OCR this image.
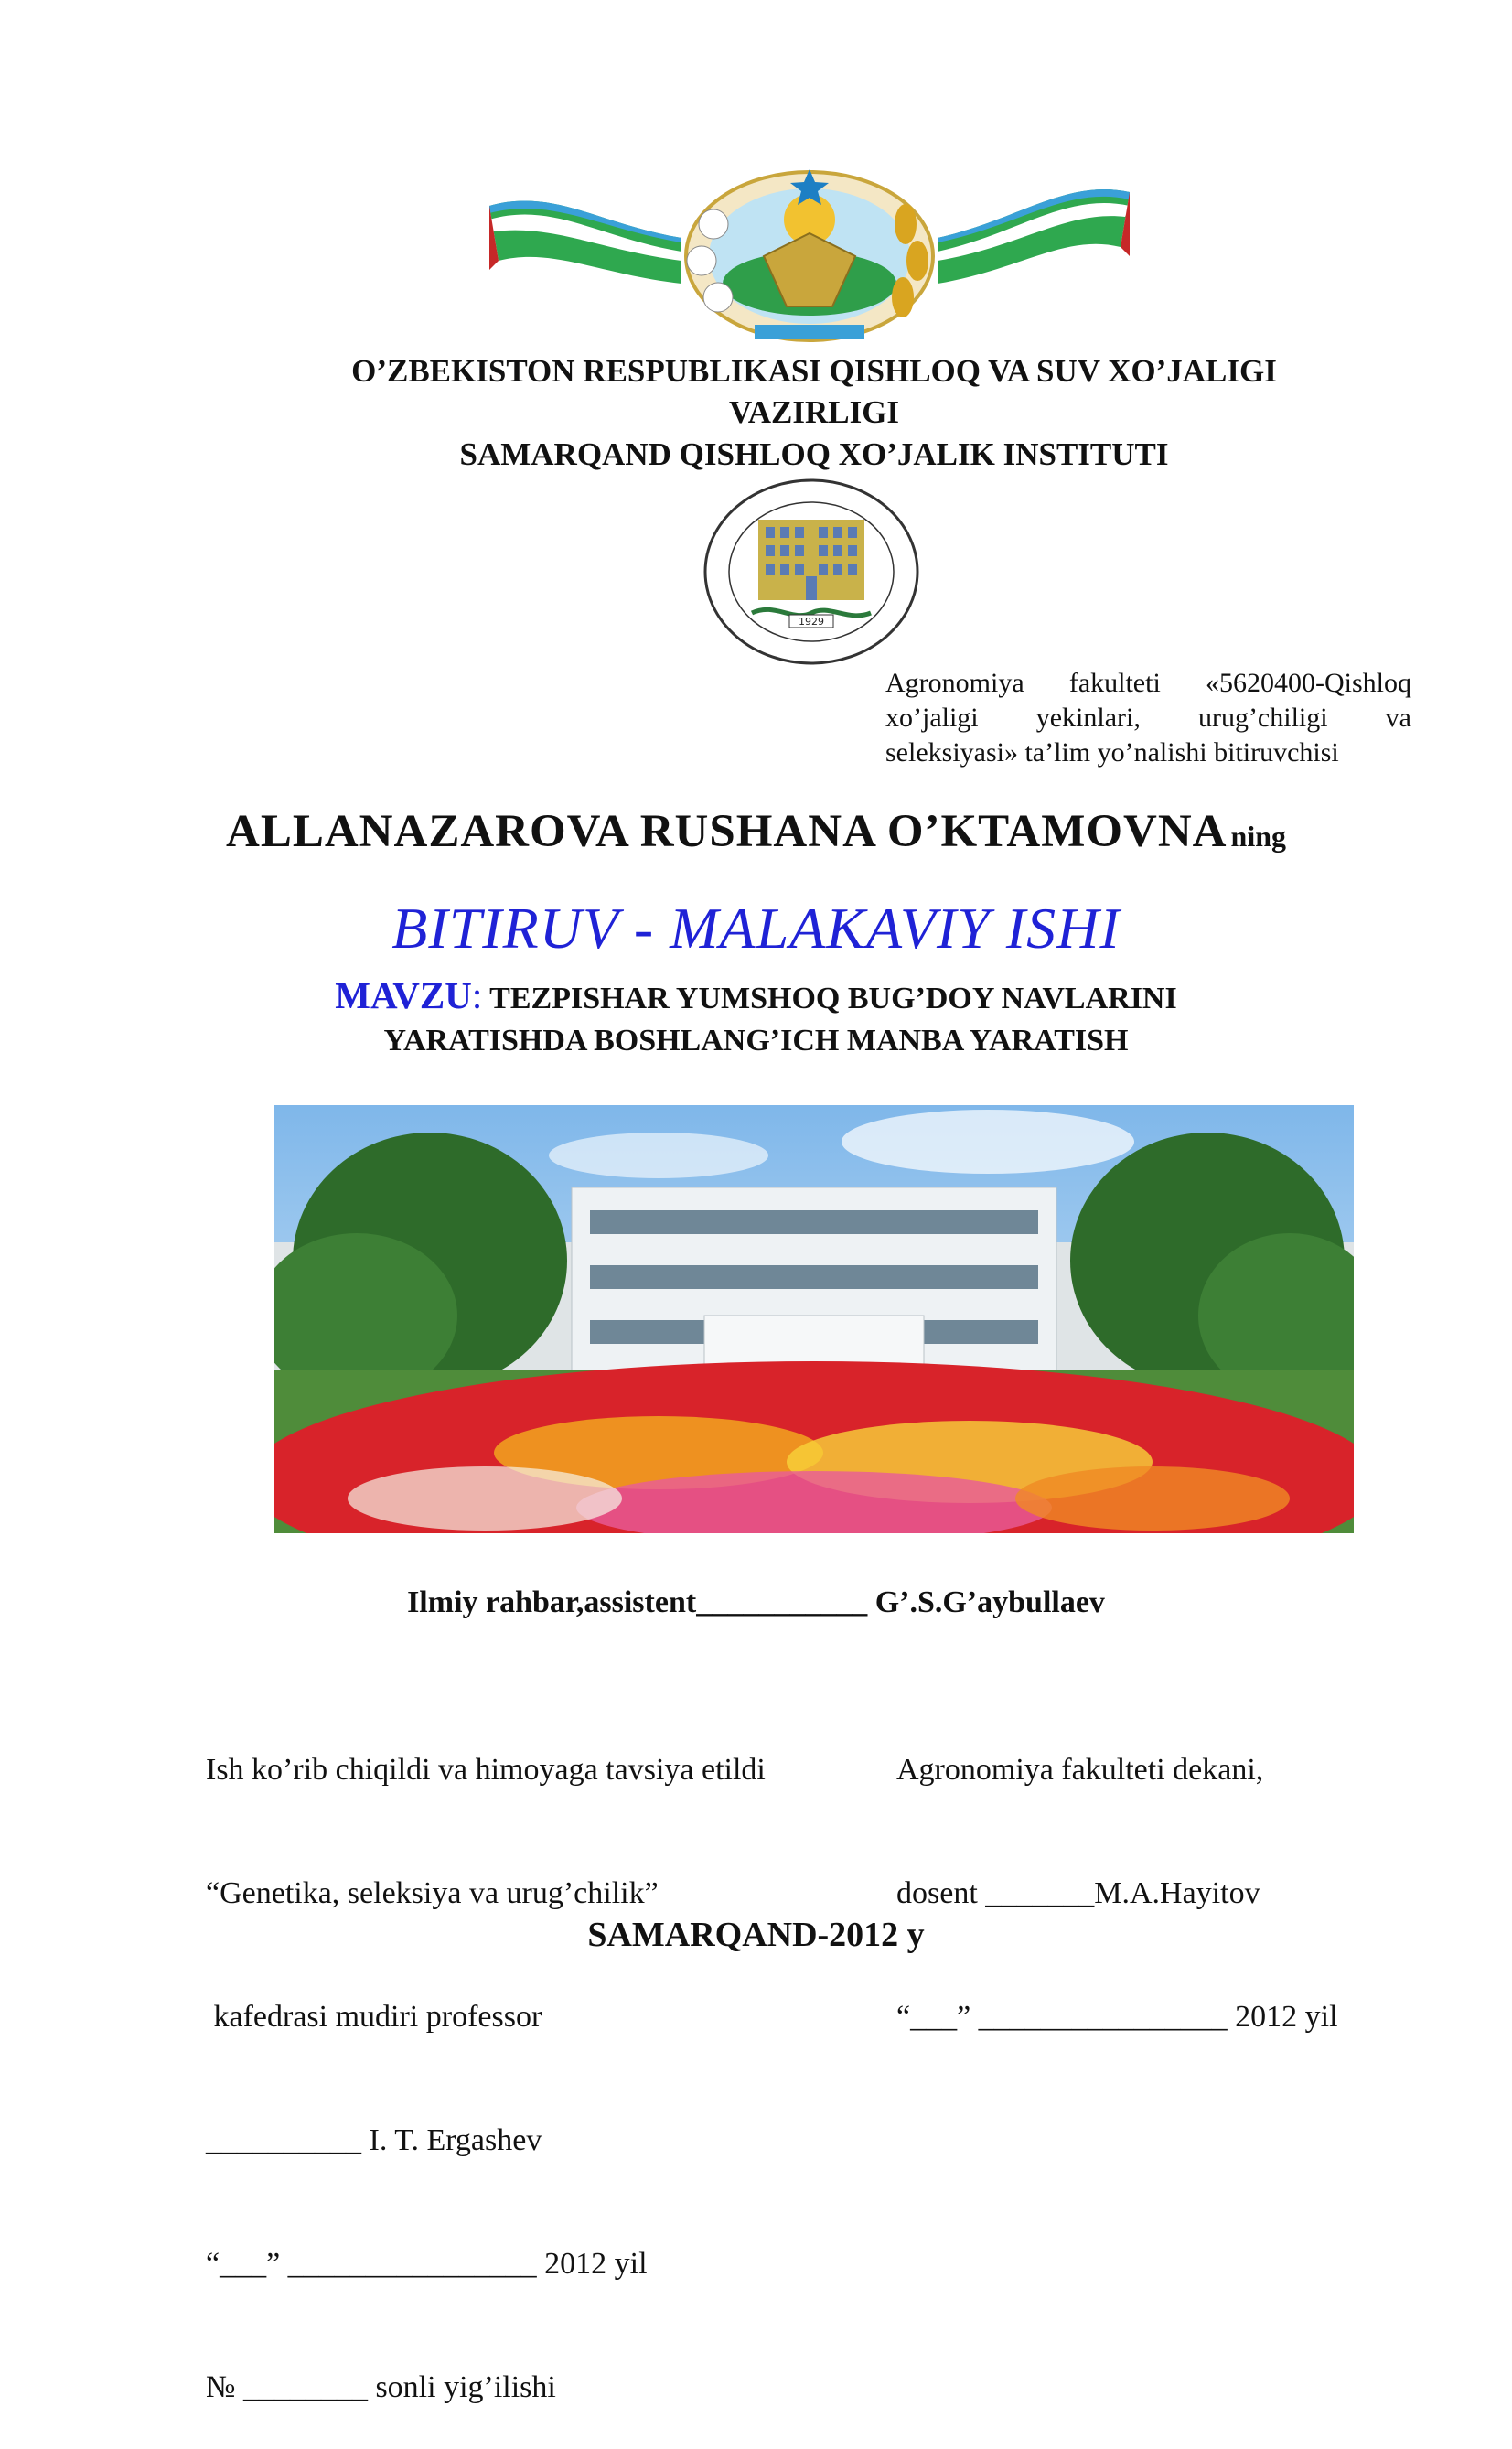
O’ZBEKISTON RESPUBLIKASI QISHLOQ VA SUV XO’JALIGI
VAZIRLIGI
SAMARQAND QISHLOQ XO’JALIK INSTITUTI
1929
Agronomiya fakulteti «5620400-Qishloq
xo’jaligi yekinlari, urug’chiligi va
seleksiyasi» ta’lim yo’nalishi bitiruvchisi
ALLANAZAROVA RUSHANA O’KTAMOVNA ning
BITIRUV - MALAKAVIY ISHI
MAVZU: TEZPISHAR YUMSHOQ BUG’DOY NAVLARINI
YARATISHDA BOSHLANG’ICH MANBA YARATISH
Ilmiy rahbar,assistent___________ G’.S.G’aybullaev

Ish ko’rib chiqildi va himoyaga tavsiya etildi

“Genetika, seleksiya va urug’chilik”

kafedrasi mudiri professor

__________ I. T. Ergashev

“___” ________________ 2012 yil

№ ________ sonli yig’ilishi

Agronomiya fakulteti dekani,

dosent _______M.A.Hayitov

“___” ________________ 2012 yil

SAMARQAND-2012 y
